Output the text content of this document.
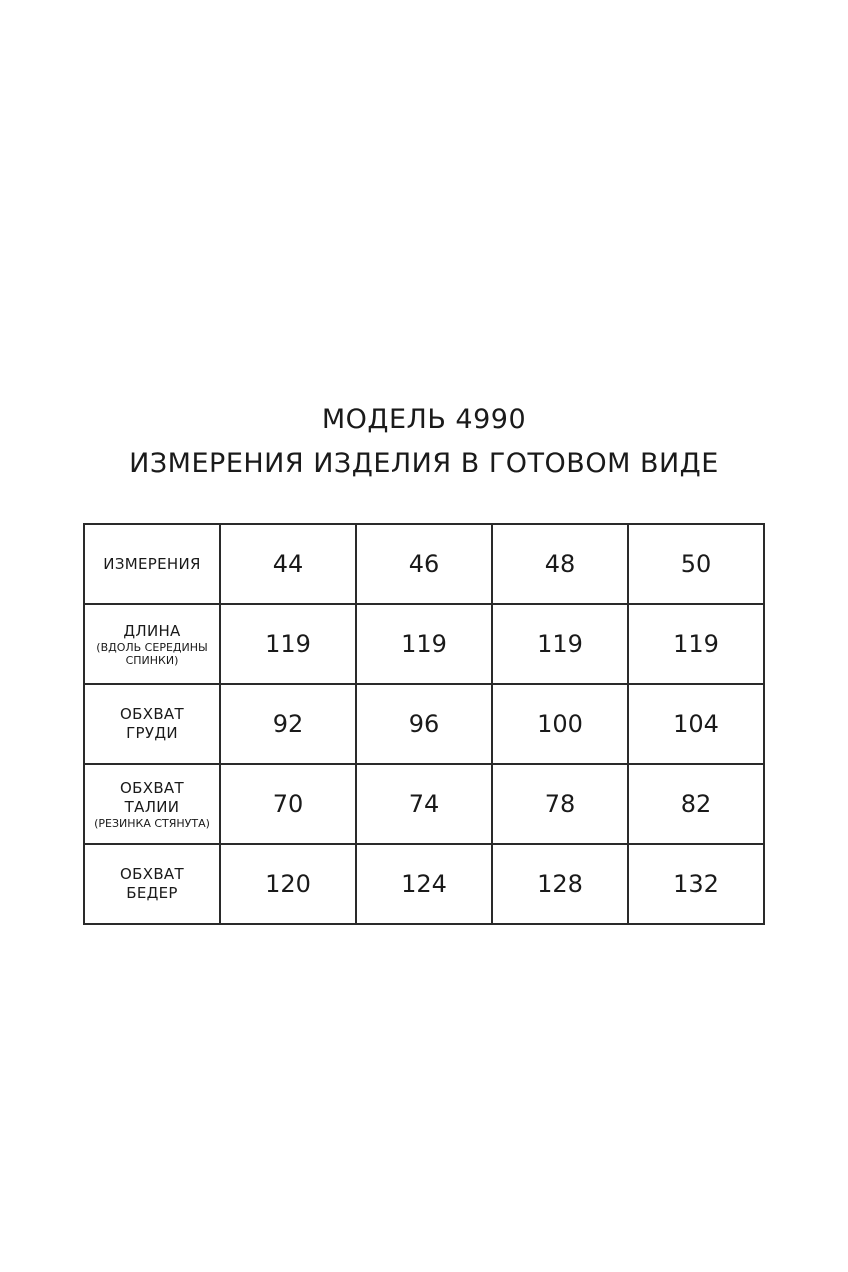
МОДЕЛЬ 4990
ИЗМЕРЕНИЯ ИЗДЕЛИЯ В ГОТОВОМ ВИДЕ
ИЗМЕРЕНИЯ	44	46	48	50

ДЛИНА
(ВДОЛЬ СЕРЕДИНЫ
СПИНКИ)	119	119	119	119

ОБХВАТ
ГРУДИ	92	96	100	104

ОБХВАТ
ТАЛИИ
(РЕЗИНКА СТЯНУТА)	70	74	78	82

ОБХВАТ
БЕДЕР	120	124	128	132
